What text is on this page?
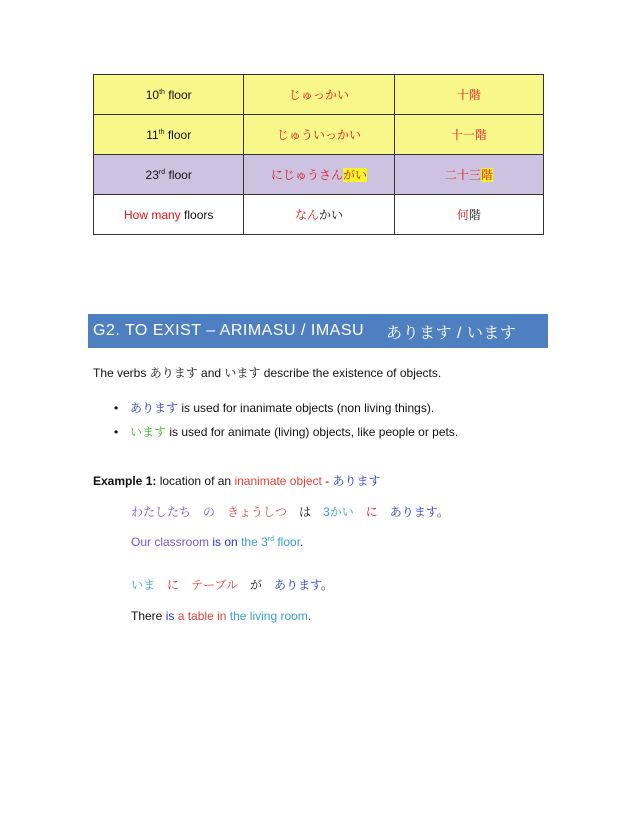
10th floor	じゅっかい	十階
11th floor	じゅういっかい	十一階
23rd floor	にじゅうさんがい	二十三階
How many floors	なんかい	何階
G2. TO EXIST – ARIMASU / IMASU あります / います
The verbs あります and います describe the existence of objects.
• あります is used for inanimate objects (non living things).
• います is used for animate (living) objects, like people or pets.
Example 1: location of an inanimate object - あります
わたしたち の きょうしつ は 3かい に あります。
Our classroom is on the 3rd floor.
いま に テーブル が あります。
There is a table in the living room.
